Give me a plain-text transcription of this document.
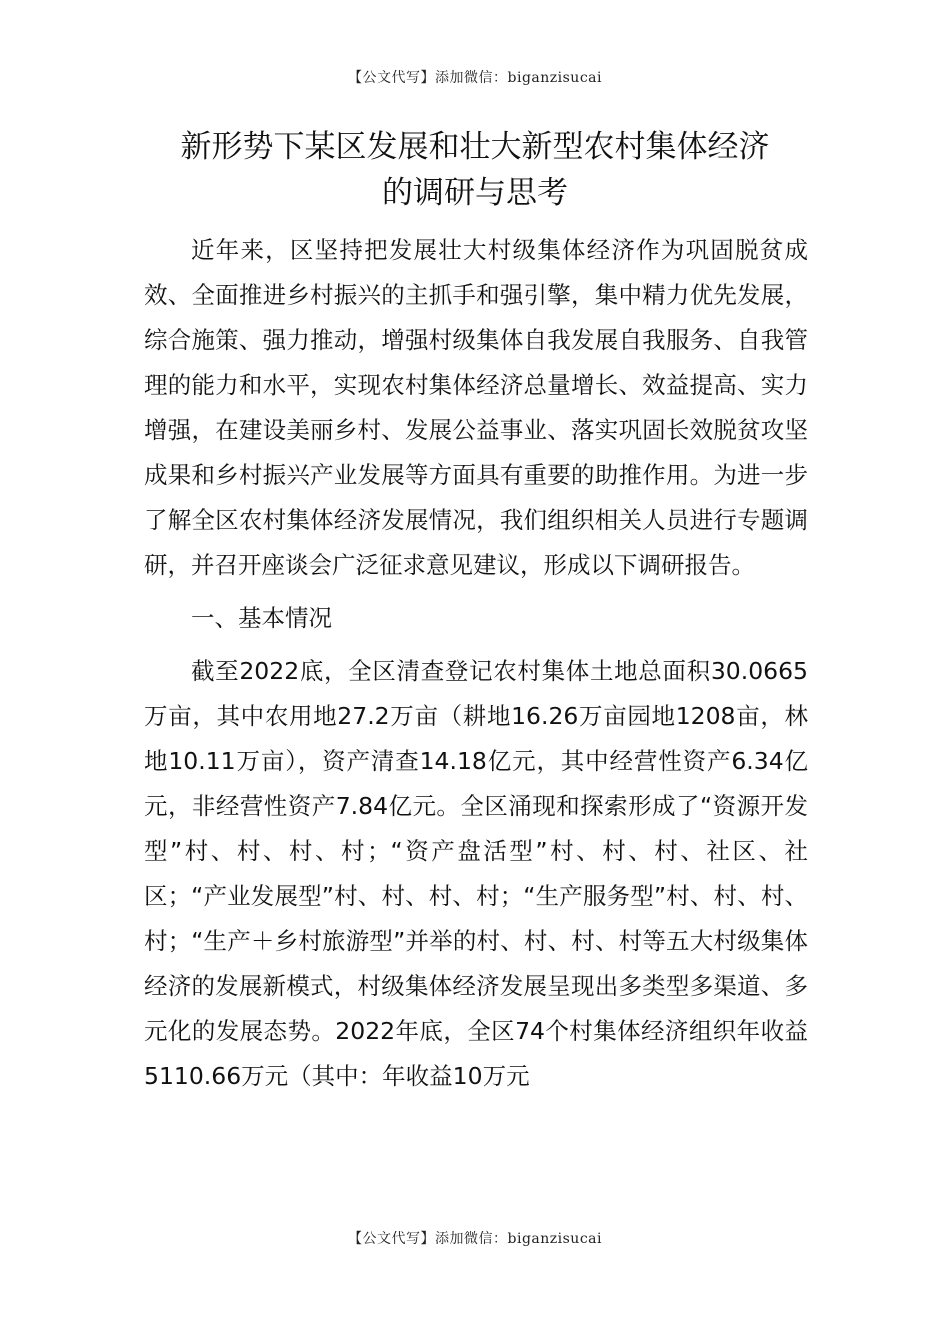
【公文代写】添加微信：biganzisucai
新形势下某区发展和壮大新型农村集体经济
的调研与思考

近年来，区坚持把发展壮大村级集体经济作为巩固脱贫成效、全面推进乡村振兴的主抓手和强引擎，集中精力优先发展，综合施策、强力推动，增强村级集体自我发展自我服务、自我管理的能力和水平，实现农村集体经济总量增长、效益提高、实力增强，在建设美丽乡村、发展公益事业、落实巩固长效脱贫攻坚成果和乡村振兴产业发展等方面具有重要的助推作用。为进一步了解全区农村集体经济发展情况，我们组织相关人员进行专题调研，并召开座谈会广泛征求意见建议，形成以下调研报告。

一、基本情况

截至2022底，全区清查登记农村集体土地总面积30.0665万亩，其中农用地27.2万亩（耕地16.26万亩园地1208亩，林地10.11万亩），资产清查14.18亿元，其中经营性资产6.34亿元，非经营性资产7.84亿元。全区涌现和探索形成了“资源开发型”村、村、村、村；“资产盘活型”村、村、村、社区、社区；“产业发展型”村、村、村、村；“生产服务型”村、村、村、村；“生产＋乡村旅游型”并举的村、村、村、村等五大村级集体经济的发展新模式，村级集体经济发展呈现出多类型多渠道、多元化的发展态势。2022年底，全区74个村集体经济组织年收益5110.66万元（其中：年收益10万元

【公文代写】添加微信：biganzisucai
